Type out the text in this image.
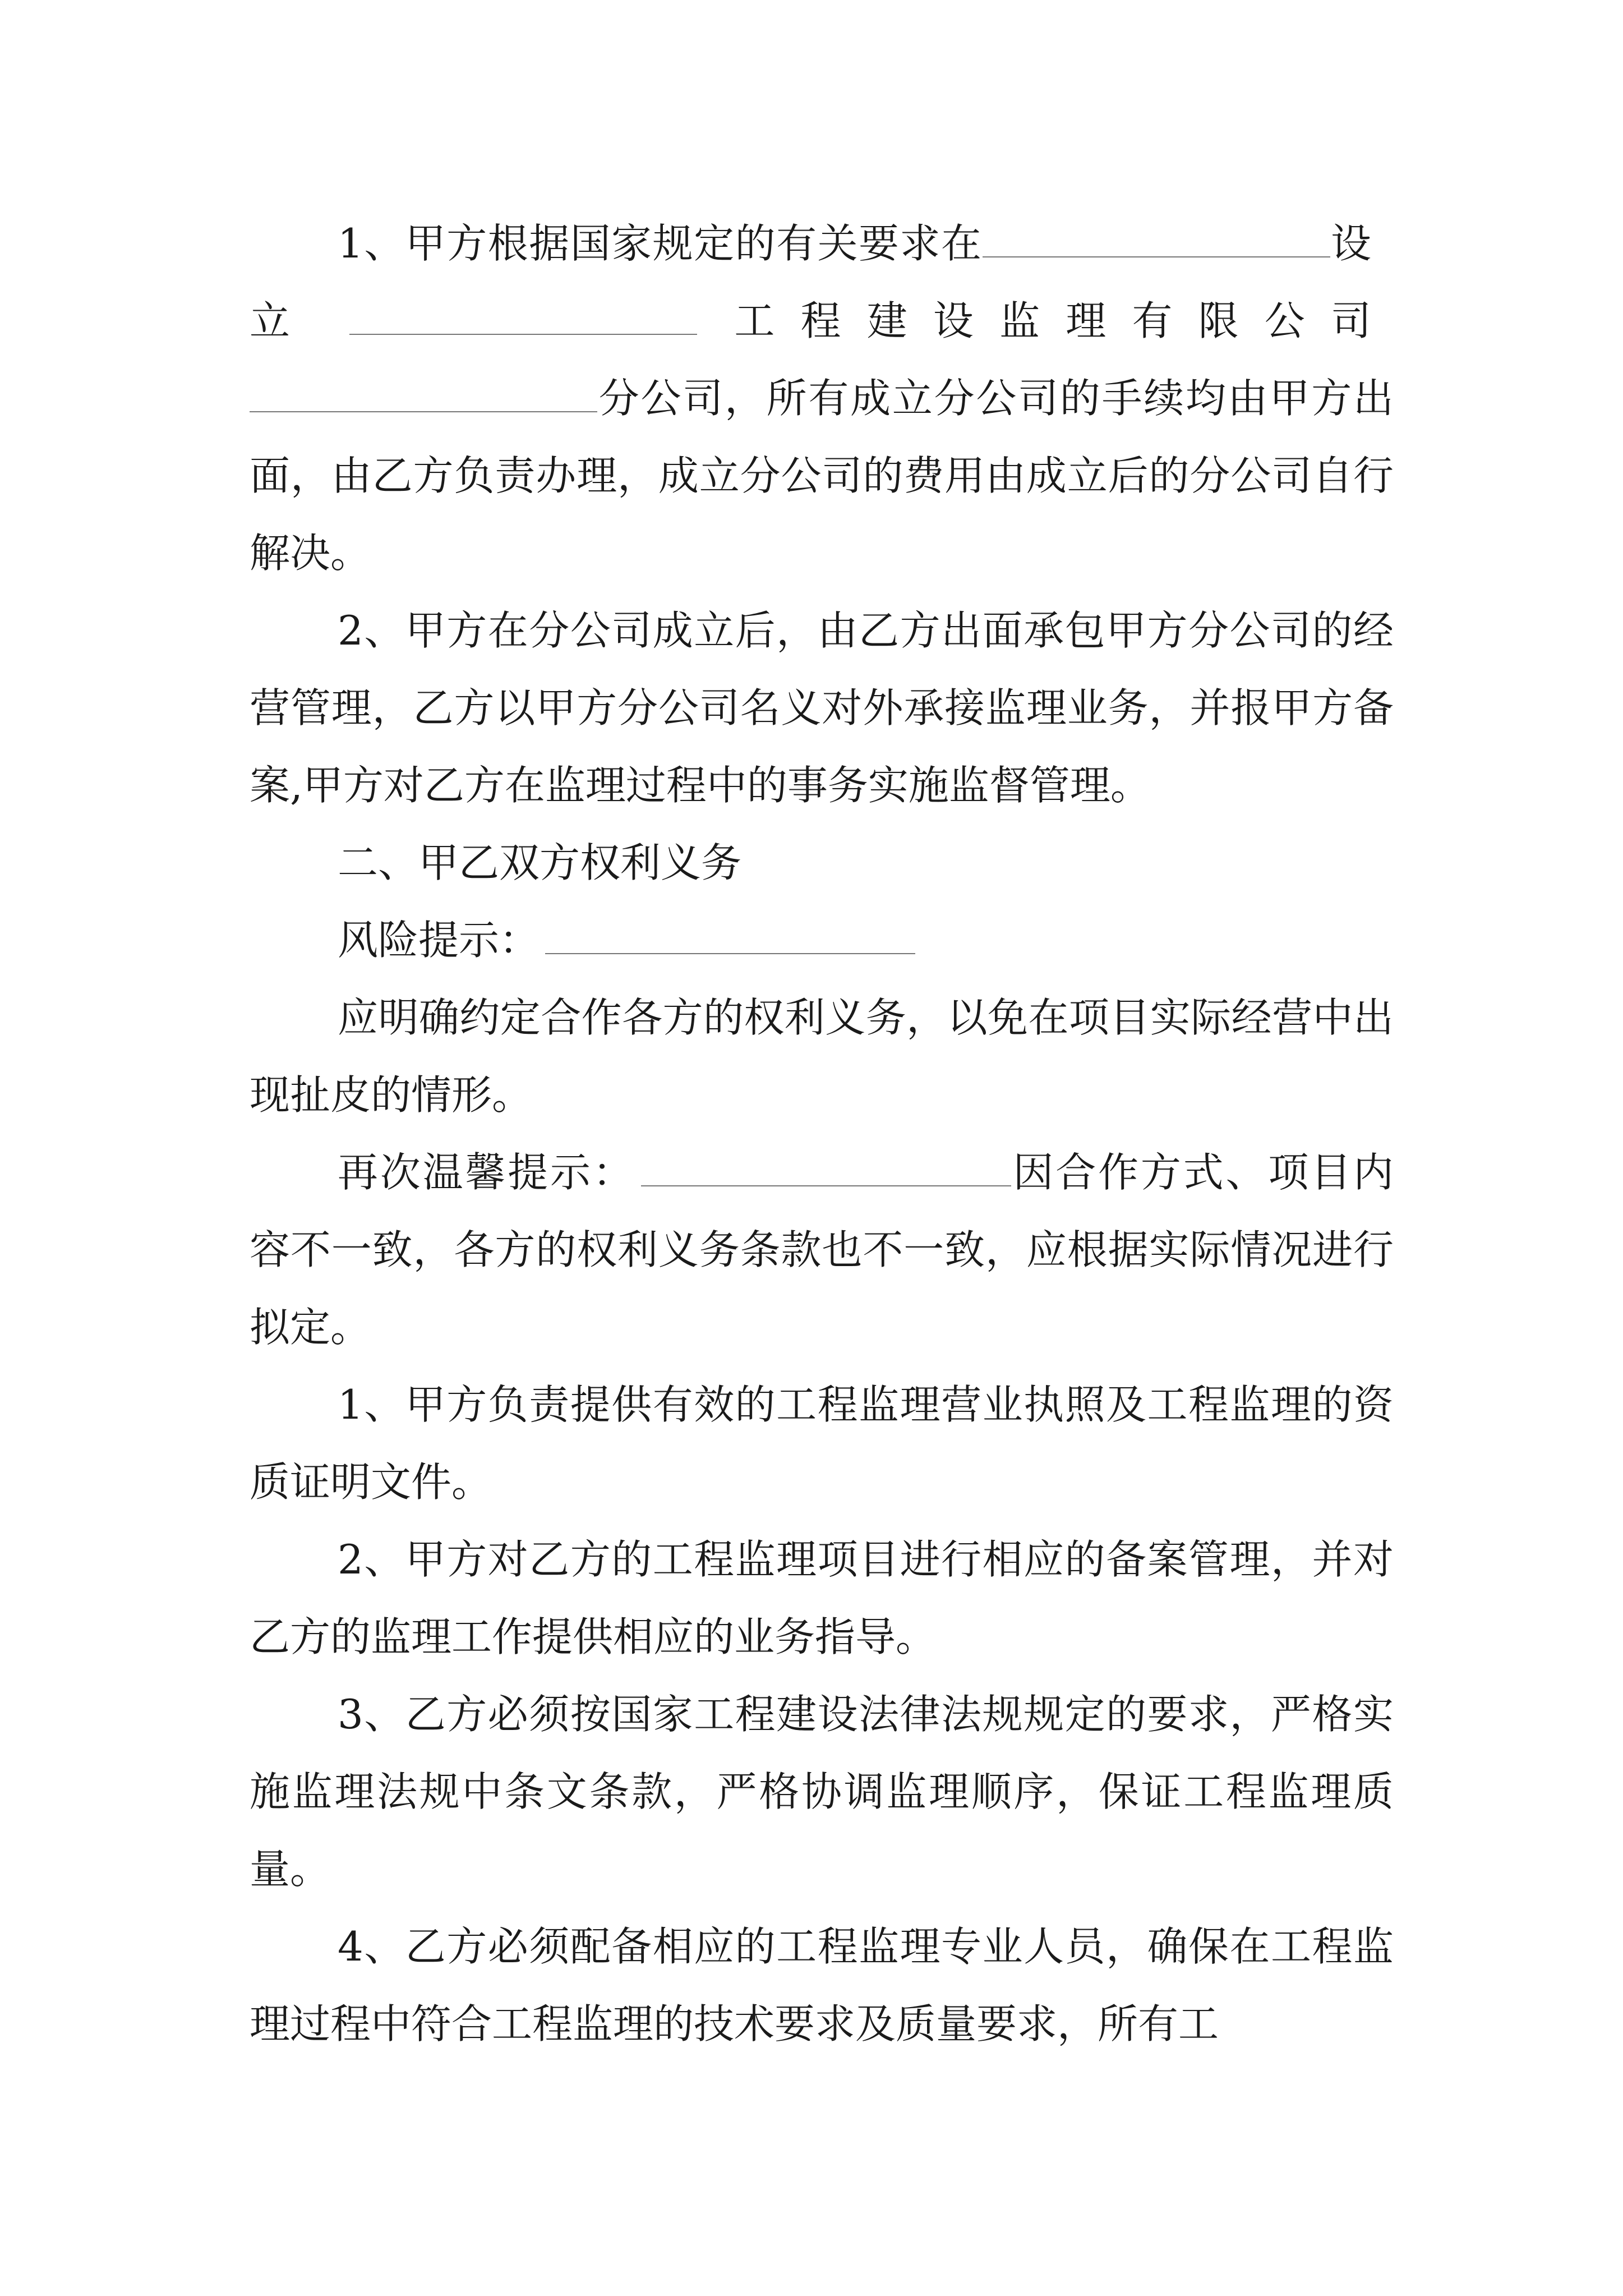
1、甲方根据国家规定的有关要求在	设立	工程建设监理有限公司分公司，所有成立分公司的手续均由甲方出面，由乙方负责办理，成立分公司的费用由成立后的分公司自行解决。

2、甲方在分公司成立后，由乙方出面承包甲方分公司的经营管理，乙方以甲方分公司名义对外承接监理业务，并报甲方备案,甲方对乙方在监理过程中的事务实施监督管理。

二、甲乙双方权利义务

风险提示：

应明确约定合作各方的权利义务，以免在项目实际经营中出现扯皮的情形。

再次温馨提示：	因合作方式、项目内容不一致，各方的权利义务条款也不一致，应根据实际情况进行拟定。

1、甲方负责提供有效的工程监理营业执照及工程监理的资质证明文件。

2、甲方对乙方的工程监理项目进行相应的备案管理，并对乙方的监理工作提供相应的业务指导。

3、乙方必须按国家工程建设法律法规规定的要求，严格实施监理法规中条文条款，严格协调监理顺序，保证工程监理质量。

4、乙方必须配备相应的工程监理专业人员，确保在工程监理过程中符合工程监理的技术要求及质量要求，所有工
